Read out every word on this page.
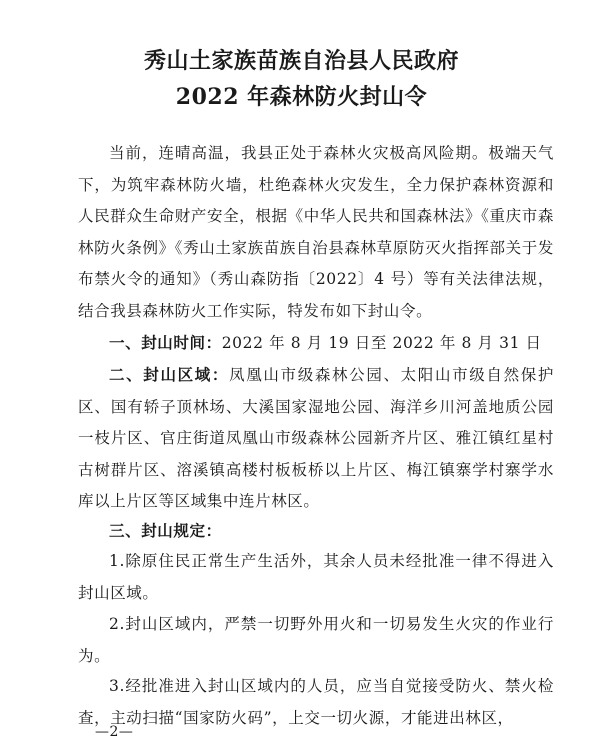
秀山土家族苗族自治县人民政府
2022 年森林防火封山令
当前，连晴高温，我县正处于森林火灾极高风险期。极端天气下，为筑牢森林防火墙，杜绝森林火灾发生，全力保护森林资源和人民群众生命财产安全，根据《中华人民共和国森林法》《重庆市森林防火条例》《秀山土家族苗族自治县森林草原防灭火指挥部关于发布禁火令的通知》（秀山森防指〔2022〕4 号）等有关法律法规，结合我县森林防火工作实际，特发布如下封山令。
一、封山时间：2022 年 8 月 19 日至 2022 年 8 月 31 日
二、封山区域：凤凰山市级森林公园、太阳山市级自然保护区、国有轿子顶林场、大溪国家湿地公园、海洋乡川河盖地质公园一枝片区、官庄街道凤凰山市级森林公园新齐片区、雅江镇红星村古树群片区、溶溪镇高楼村板板桥以上片区、梅江镇寨学村寨学水库以上片区等区域集中连片林区。
三、封山规定：
1.除原住民正常生产生活外，其余人员未经批准一律不得进入封山区域。
2.封山区域内，严禁一切野外用火和一切易发生火灾的作业行为。
3.经批准进入封山区域内的人员，应当自觉接受防火、禁火检查，主动扫描“国家防火码”，上交一切火源，才能进出林区，
—2—
